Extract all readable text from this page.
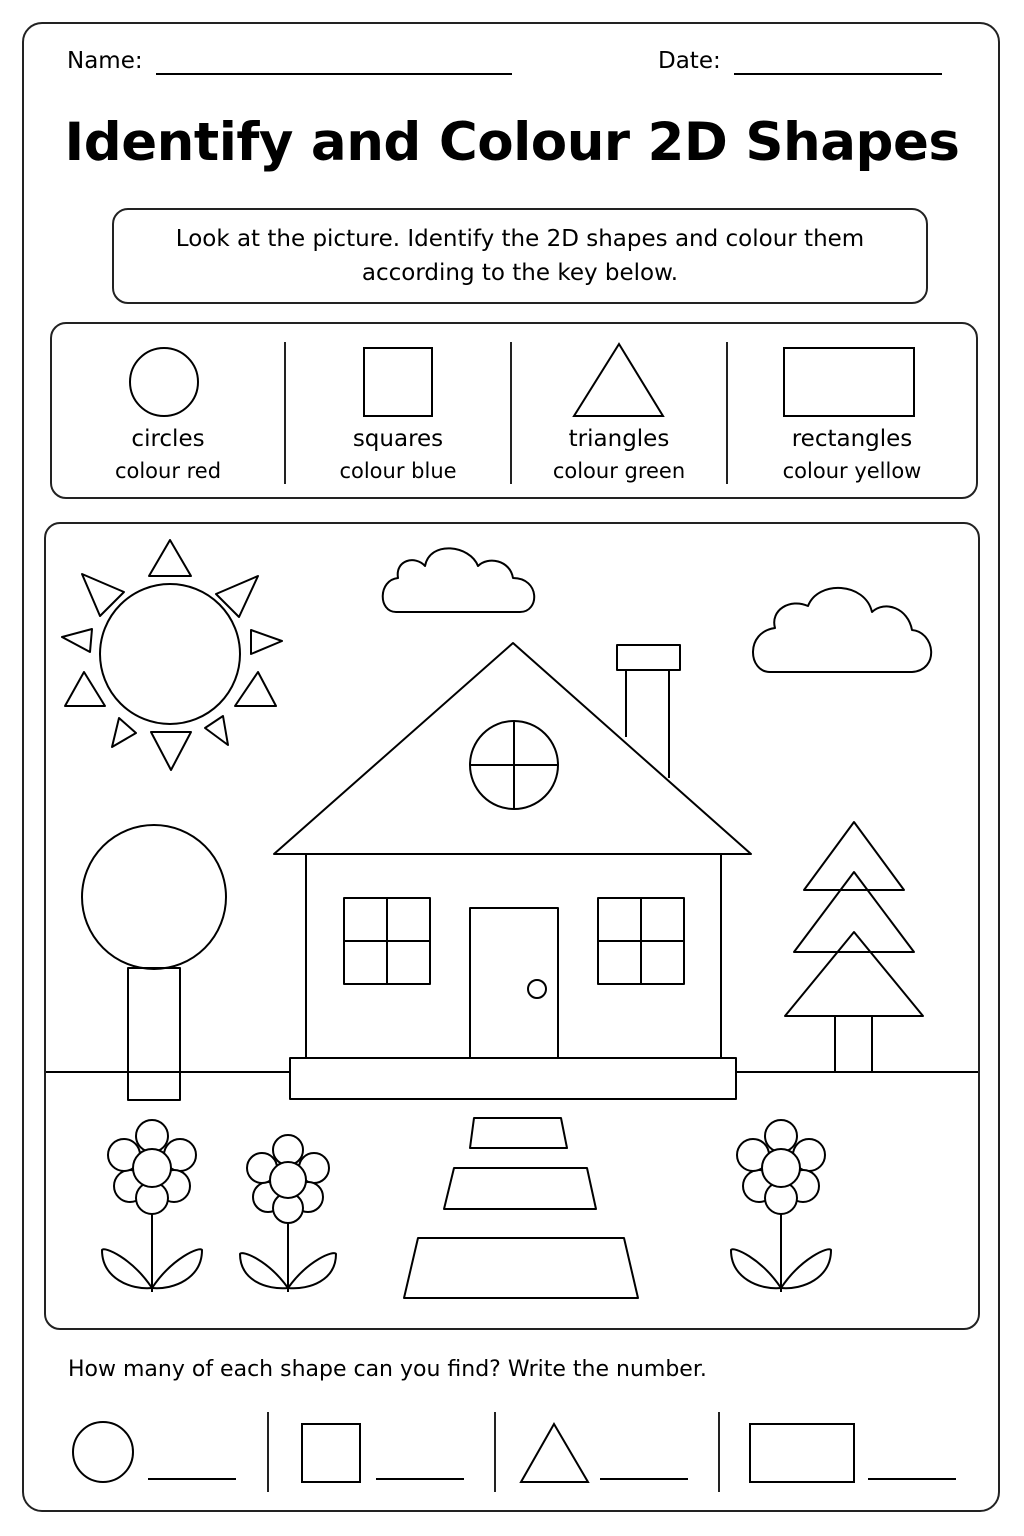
Name:	Date:
Identify and Colour 2D Shapes
Look at the picture. Identify the 2D shapes and colour them according to the key below.
circles
colour red
squares
colour blue
triangles
colour green
rectangles
colour yellow
How many of each shape can you find? Write the number.
